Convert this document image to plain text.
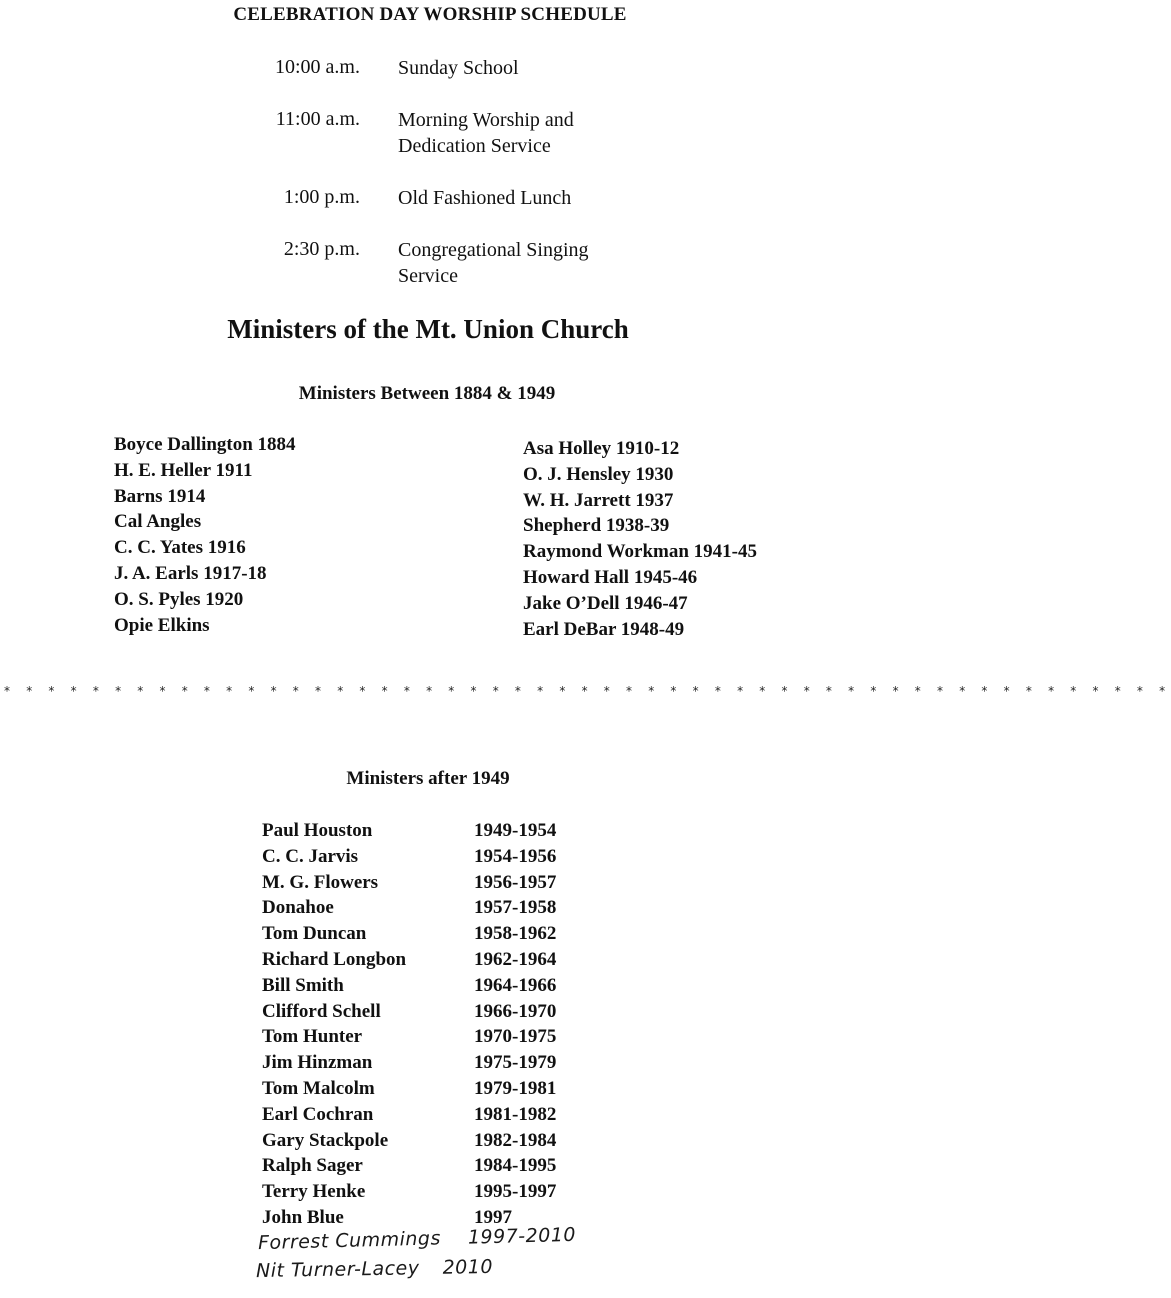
CELEBRATION DAY WORSHIP SCHEDULE
10:00 a.m. Sunday School
11:00 a.m. Morning Worship and
Dedication Service
1:00 p.m. Old Fashioned Lunch
2:30 p.m. Congregational Singing
Service
Ministers of the Mt. Union Church
Ministers Between 1884 & 1949
Boyce Dallington 1884
H. E. Heller 1911
Barns 1914
Cal Angles
C. C. Yates 1916
J. A. Earls 1917-18
O. S. Pyles 1920
Opie Elkins
Asa Holley 1910-12
O. J. Hensley 1930
W. H. Jarrett 1937
Shepherd 1938-39
Raymond Workman 1941-45
Howard Hall 1945-46
Jake O’Dell 1946-47
Earl DeBar 1948-49
* * * * * * * * * * * * * * * * * * * * * * * * * * * * * * * * * * * * * * * * * * * * * * * * * * * * *
Ministers after 1949
Paul Houston	1949-1954
C. C. Jarvis	1954-1956
M. G. Flowers	1956-1957
Donahoe	1957-1958
Tom Duncan	1958-1962
Richard Longbon	1962-1964
Bill Smith	1964-1966
Clifford Schell	1966-1970
Tom Hunter	1970-1975
Jim Hinzman	1975-1979
Tom Malcolm	1979-1981
Earl Cochran	1981-1982
Gary Stackpole	1982-1984
Ralph Sager	1984-1995
Terry Henke	1995-1997
John Blue	1997
Forrest Cummings 1997-2010
Nit Turner-Lacey 2010
